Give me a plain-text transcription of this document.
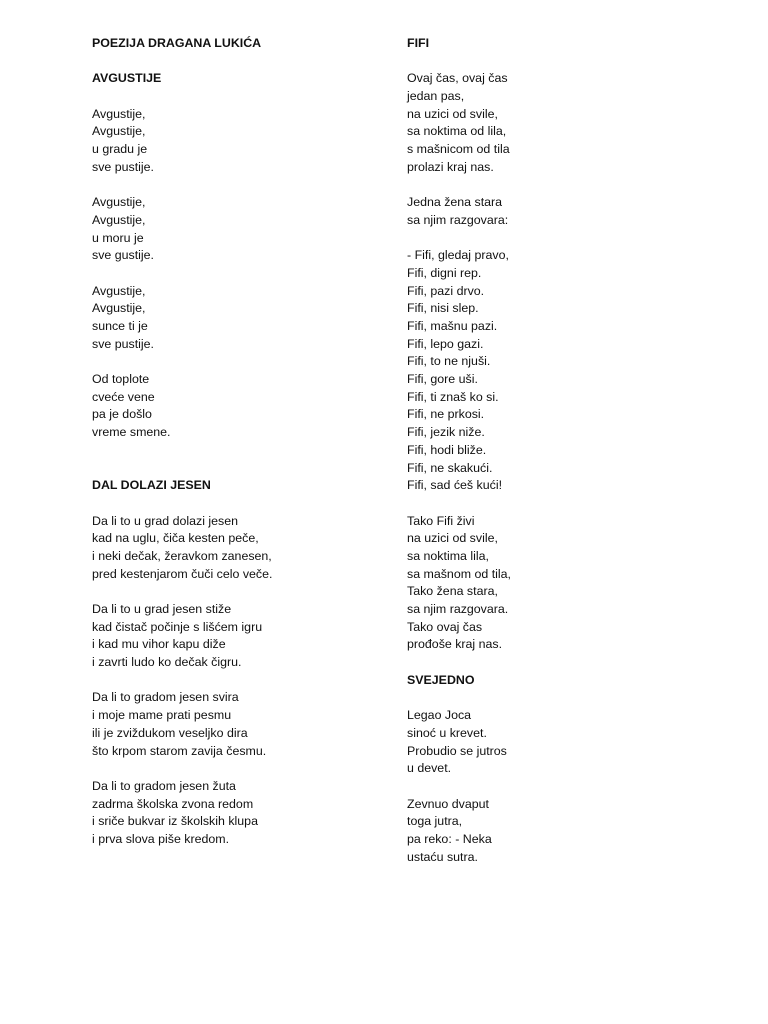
POEZIJA DRAGANA LUKIĆA

AVGUSTIJE

Avgustije,

Avgustije,

u gradu je

sve pustije.

Avgustije,

Avgustije,

u moru je

sve gustije.

Avgustije,

Avgustije,

sunce ti je

sve pustije.

Od toplote

cveće vene

pa je došlo

vreme smene.

DAL DOLAZI JESEN

Da li to u grad dolazi jesen

kad na uglu, čiča kesten peče,

i neki dečak, žeravkom zanesen,

pred kestenjarom čuči celo veče.

Da li to u grad jesen stiže

kad čistač počinje s lišćem igru

i kad mu vihor kapu diže

i zavrti ludo ko dečak čigru.

Da li to gradom jesen svira

i moje mame prati pesmu

ili je zviždukom veseljko dira

što krpom starom zavija česmu.

Da li to gradom jesen žuta

zadrma školska zvona redom

i sriče bukvar iz školskih klupa

i prva slova piše kredom.

FIFI

Ovaj čas, ovaj čas

jedan pas,

na uzici od svile,

sa noktima od lila,

s mašnicom od tila

prolazi kraj nas.

Jedna žena stara

sa njim razgovara:

- Fifi, gledaj pravo,

Fifi, digni rep.

Fifi, pazi drvo.

Fifi, nisi slep.

Fifi, mašnu pazi.

Fifi, lepo gazi.

Fifi, to ne njuši.

Fifi, gore uši.

Fifi, ti znaš ko si.

Fifi, ne prkosi.

Fifi, jezik niže.

Fifi, hodi bliže.

Fifi, ne skakući.

Fifi, sad ćeš kući!

Tako Fifi živi

na uzici od svile,

sa noktima lila,

sa mašnom od tila,

Tako žena stara,

sa njim razgovara.

Tako ovaj čas

prođoše kraj nas.

SVEJEDNO

Legao Joca

sinoć u krevet.

Probudio se jutros

u devet.

Zevnuo dvaput

toga jutra,

pa reko: - Neka

ustaću sutra.
